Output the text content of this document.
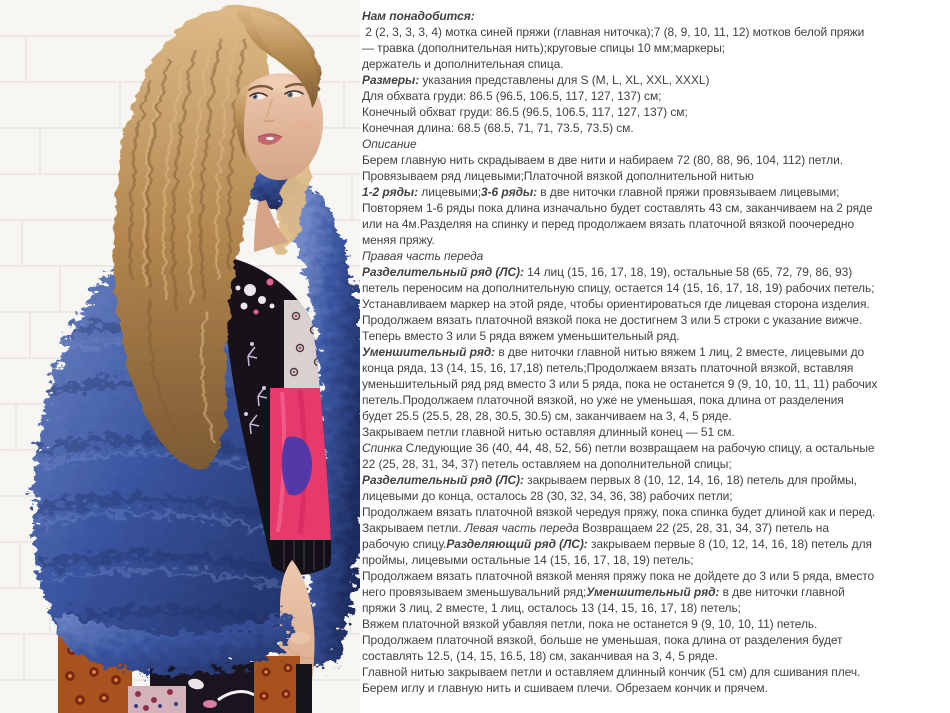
Нам понадобится:
2 (2, 3, 3, 3, 4) мотка синей пряжи (главная ниточка);7 (8, 9, 10, 11, 12) мотков белой пряжи
— травка (дополнительная нить);круговые спицы 10 мм;маркеры;
держатель и дополнительная спица.
Размеры: указания представлены для S (M, L, XL, XXL, XXXL)
Для обхвата груди: 86.5 (96.5, 106.5, 117, 127, 137) см;
Конечный обхват груди: 86.5 (96.5, 106.5, 117, 127, 137) см;
Конечная длина: 68.5 (68.5, 71, 71, 73.5, 73.5) см.
Описание
Берем главную нить скрадываем в две нити и набираем 72 (80, 88, 96, 104, 112) петли.
Провязываем ряд лицевыми;Платочной вязкой дополнительной нитью
1-2 ряды: лицевыми;3-6 ряды: в две ниточки главной пряжи провязываем лицевыми;
Повторяем 1-6 ряды пока длина изначально будет составлять 43 см, заканчиваем на 2 ряде
или на 4м.Разделяя на спинку и перед продолжаем вязать платочной вязкой поочередно
меняя пряжу.
Правая часть переда
Разделительный ряд (ЛС): 14 лиц (15, 16, 17, 18, 19), остальные 58 (65, 72, 79, 86, 93)
петель переносим на дополнительную спицу, остается 14 (15, 16, 17, 18, 19) рабочих петель;
Устанавливаем маркер на этой ряде, чтобы ориентироваться где лицевая сторона изделия.
Продолжаем вязать платочной вязкой пока не достигнем 3 или 5 строки с указание вижче.
Теперь вместо 3 или 5 ряда вяжем уменьшительный ряд.
Уменшительный ряд: в две ниточки главной нитью вяжем 1 лиц, 2 вместе, лицевыми до
конца ряда, 13 (14, 15, 16, 17,18) петель;Продолжаем вязать платочной вязкой, вставляя
уменьшительный ряд ряд вместо 3 или 5 ряда, пока не останется 9 (9, 10, 10, 11, 11) рабочих
петель.Продолжаем платочной вязкой, но уже не уменьшая, пока длина от разделения
будет 25.5 (25.5, 28, 28, 30.5, 30.5) см, заканчиваем на 3, 4, 5 ряде.
Закрываем петли главной нитью оставляя длинный конец — 51 см.
Спинка Следующие 36 (40, 44, 48, 52, 56) петли возвращаем на рабочую спицу, а остальные
22 (25, 28, 31, 34, 37) петель оставляем на дополнительной спицы;
Разделительный ряд (ЛС): закрываем первых 8 (10, 12, 14, 16, 18) петель для проймы,
лицевыми до конца, осталось 28 (30, 32, 34, 36, 38) рабочих петли;
Продолжаем вязать платочной вязкой чередуя пряжу, пока спинка будет длиной как и перед.
Закрываем петли. Левая часть переда Возвращаем 22 (25, 28, 31, 34, 37) петель на
рабочую спицу.Разделяющий ряд (ЛС): закрываем первые 8 (10, 12, 14, 16, 18) петель для
проймы, лицевыми остальные 14 (15, 16, 17, 18, 19) петель;
Продолжаем вязать платочной вязкой меняя пряжу пока не дойдете до 3 или 5 ряда, вместо
него провязываем зменьшувальний ряд;Уменшительный ряд: в две ниточки главной
пряжи 3 лиц, 2 вместе, 1 лиц, осталось 13 (14, 15, 16, 17, 18) петель;
Вяжем платочной вязкой убавляя петли, пока не останется 9 (9, 10, 10, 11) петель.
Продолжаем платочной вязкой, больше не уменьшая, пока длина от разделения будет
составлять 12.5, (14, 15, 16.5, 18) см, заканчивая на 3, 4, 5 ряде.
Главной нитью закрываем петли и оставляем длинный кончик (51 см) для сшивания плеч.
Берем иглу и главную нить и сшиваем плечи. Обрезаем кончик и прячем.
